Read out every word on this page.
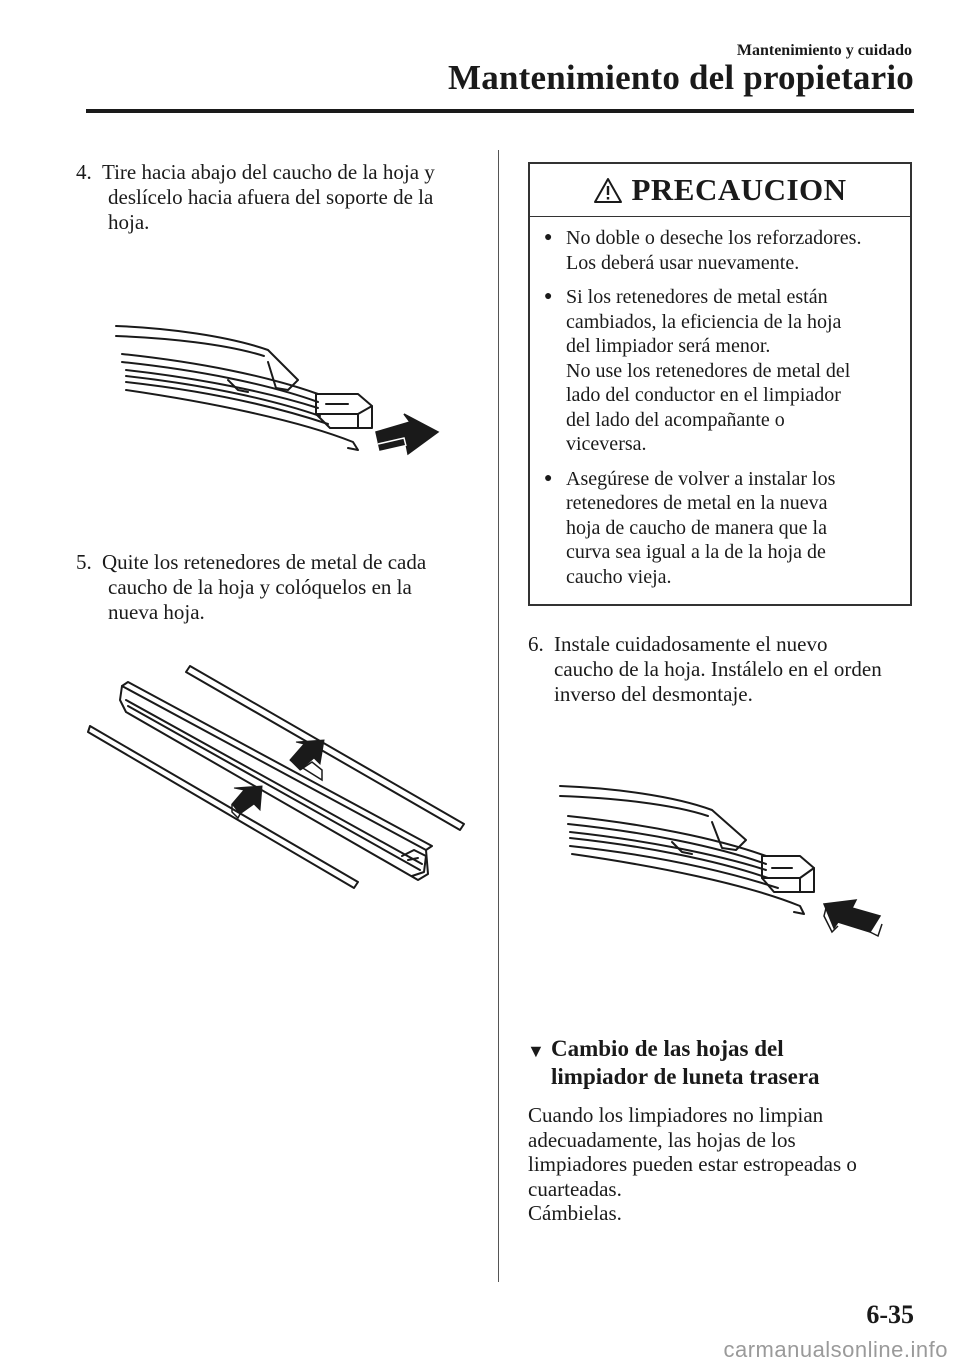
Mantenimiento y cuidado
Mantenimiento del propietario
4. Tire hacia abajo del caucho de la hoja y
deslícelo hacia afuera del soporte de la
hoja.
5. Quite los retenedores de metal de cada
caucho de la hoja y colóquelos en la
nueva hoja.
PRECAUCION
● No doble o deseche los reforzadores.
Los deberá usar nuevamente.
● Si los retenedores de metal están
cambiados, la eficiencia de la hoja
del limpiador será menor.
No use los retenedores de metal del
lado del conductor en el limpiador
del lado del acompañante o
viceversa.
● Asegúrese de volver a instalar los
retenedores de metal en la nueva
hoja de caucho de manera que la
curva sea igual a la de la hoja de
caucho vieja.
6. Instale cuidadosamente el nuevo
caucho de la hoja. Instálelo en el orden
inverso del desmontaje.
▼ Cambio de las hojas del
limpiador de luneta trasera
Cuando los limpiadores no limpian
adecuadamente, las hojas de los
limpiadores pueden estar estropeadas o
cuarteadas.
Cámbielas.
6-35
carmanualsonline.info
